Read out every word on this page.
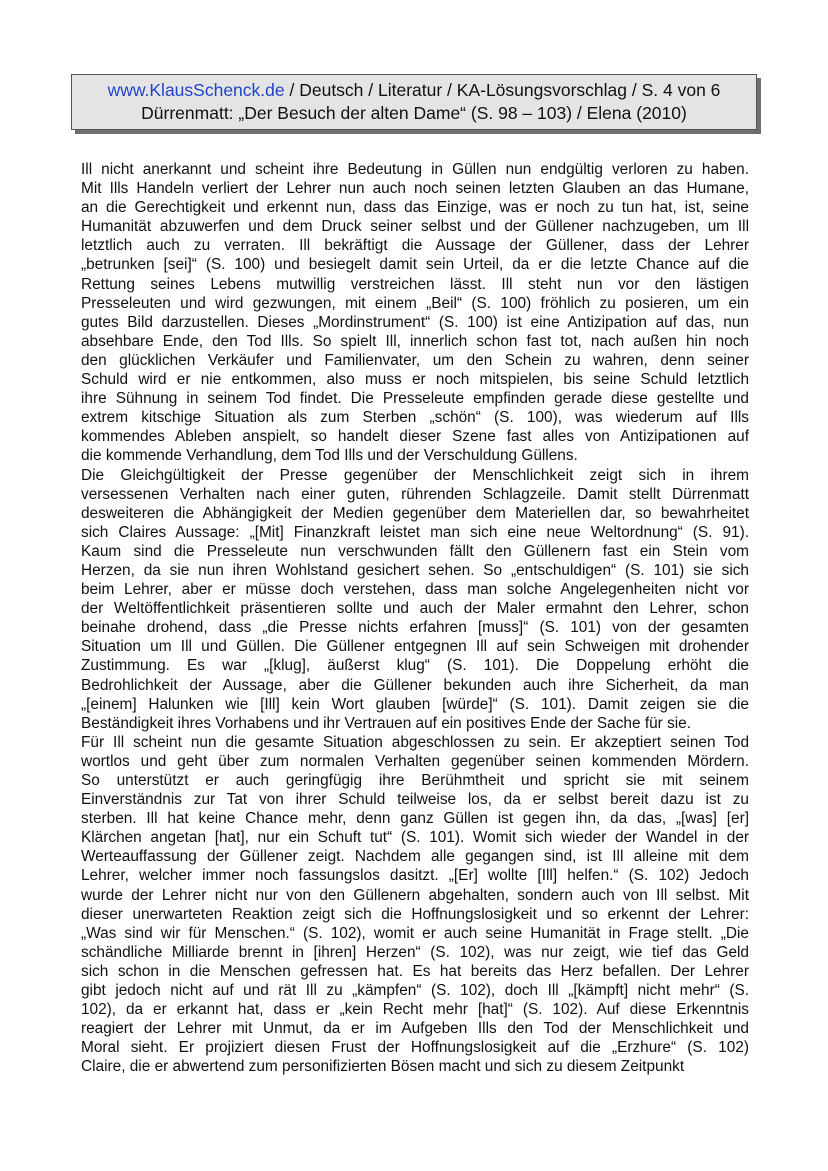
www.KlausSchenck.de / Deutsch / Literatur / KA-Lösungsvorschlag / S. 4 von 6
Dürrenmatt: „Der Besuch der alten Dame“ (S. 98 – 103) / Elena (2010)

Ill nicht anerkannt und scheint ihre Bedeutung in Güllen nun endgültig verloren zu haben.

Mit Ills Handeln verliert der Lehrer nun auch noch seinen letzten Glauben an das Humane,

an die Gerechtigkeit und erkennt nun, dass das Einzige, was er noch zu tun hat, ist, seine

Humanität abzuwerfen und dem Druck seiner selbst und der Güllener nachzugeben, um Ill

letztlich auch zu verraten. Ill bekräftigt die Aussage der Güllener, dass der Lehrer

„betrunken [sei]“ (S. 100) und besiegelt damit sein Urteil, da er die letzte Chance auf die

Rettung seines Lebens mutwillig verstreichen lässt. Ill steht nun vor den lästigen

Presseleuten und wird gezwungen, mit einem „Beil“ (S. 100) fröhlich zu posieren, um ein

gutes Bild darzustellen. Dieses „Mordinstrument“ (S. 100) ist eine Antizipation auf das, nun

absehbare Ende, den Tod Ills. So spielt Ill, innerlich schon fast tot, nach außen hin noch

den glücklichen Verkäufer und Familienvater, um den Schein zu wahren, denn seiner

Schuld wird er nie entkommen, also muss er noch mitspielen, bis seine Schuld letztlich

ihre Sühnung in seinem Tod findet. Die Presseleute empfinden gerade diese gestellte und

extrem kitschige Situation als zum Sterben „schön“ (S. 100), was wiederum auf Ills

kommendes Ableben anspielt, so handelt dieser Szene fast alles von Antizipationen auf

die kommende Verhandlung, dem Tod Ills und der Verschuldung Güllens.

Die Gleichgültigkeit der Presse gegenüber der Menschlichkeit zeigt sich in ihrem

versessenen Verhalten nach einer guten, rührenden Schlagzeile. Damit stellt Dürrenmatt

desweiteren die Abhängigkeit der Medien gegenüber dem Materiellen dar, so bewahrheitet

sich Claires Aussage: „[Mit] Finanzkraft leistet man sich eine neue Weltordnung“ (S. 91).

Kaum sind die Presseleute nun verschwunden fällt den Güllenern fast ein Stein vom

Herzen, da sie nun ihren Wohlstand gesichert sehen. So „entschuldigen“ (S. 101) sie sich

beim Lehrer, aber er müsse doch verstehen, dass man solche Angelegenheiten nicht vor

der Weltöffentlichkeit präsentieren sollte und auch der Maler ermahnt den Lehrer, schon

beinahe drohend, dass „die Presse nichts erfahren [muss]“ (S. 101) von der gesamten

Situation um Ill und Güllen. Die Güllener entgegnen Ill auf sein Schweigen mit drohender

Zustimmung. Es war „[klug], äußerst klug“ (S. 101). Die Doppelung erhöht die

Bedrohlichkeit der Aussage, aber die Güllener bekunden auch ihre Sicherheit, da man

„[einem] Halunken wie [Ill] kein Wort glauben [würde]“ (S. 101). Damit zeigen sie die

Beständigkeit ihres Vorhabens und ihr Vertrauen auf ein positives Ende der Sache für sie.

Für Ill scheint nun die gesamte Situation abgeschlossen zu sein. Er akzeptiert seinen Tod

wortlos und geht über zum normalen Verhalten gegenüber seinen kommenden Mördern.

So unterstützt er auch geringfügig ihre Berühmtheit und spricht sie mit seinem

Einverständnis zur Tat von ihrer Schuld teilweise los, da er selbst bereit dazu ist zu

sterben. Ill hat keine Chance mehr, denn ganz Güllen ist gegen ihn, da das, „[was] [er]

Klärchen angetan [hat], nur ein Schuft tut“ (S. 101). Womit sich wieder der Wandel in der

Werteauffassung der Güllener zeigt. Nachdem alle gegangen sind, ist Ill alleine mit dem

Lehrer, welcher immer noch fassungslos dasitzt. „[Er] wollte [Ill] helfen.“ (S. 102) Jedoch

wurde der Lehrer nicht nur von den Güllenern abgehalten, sondern auch von Ill selbst. Mit

dieser unerwarteten Reaktion zeigt sich die Hoffnungslosigkeit und so erkennt der Lehrer:

„Was sind wir für Menschen.“ (S. 102), womit er auch seine Humanität in Frage stellt. „Die

schändliche Milliarde brennt in [ihren] Herzen“ (S. 102), was nur zeigt, wie tief das Geld

sich schon in die Menschen gefressen hat. Es hat bereits das Herz befallen. Der Lehrer

gibt jedoch nicht auf und rät Ill zu „kämpfen“ (S. 102), doch Ill „[kämpft] nicht mehr“ (S.

102), da er erkannt hat, dass er „kein Recht mehr [hat]“ (S. 102). Auf diese Erkenntnis

reagiert der Lehrer mit Unmut, da er im Aufgeben Ills den Tod der Menschlichkeit und

Moral sieht. Er projiziert diesen Frust der Hoffnungslosigkeit auf die „Erzhure“ (S. 102)

Claire, die er abwertend zum personifizierten Bösen macht und sich zu diesem Zeitpunkt
